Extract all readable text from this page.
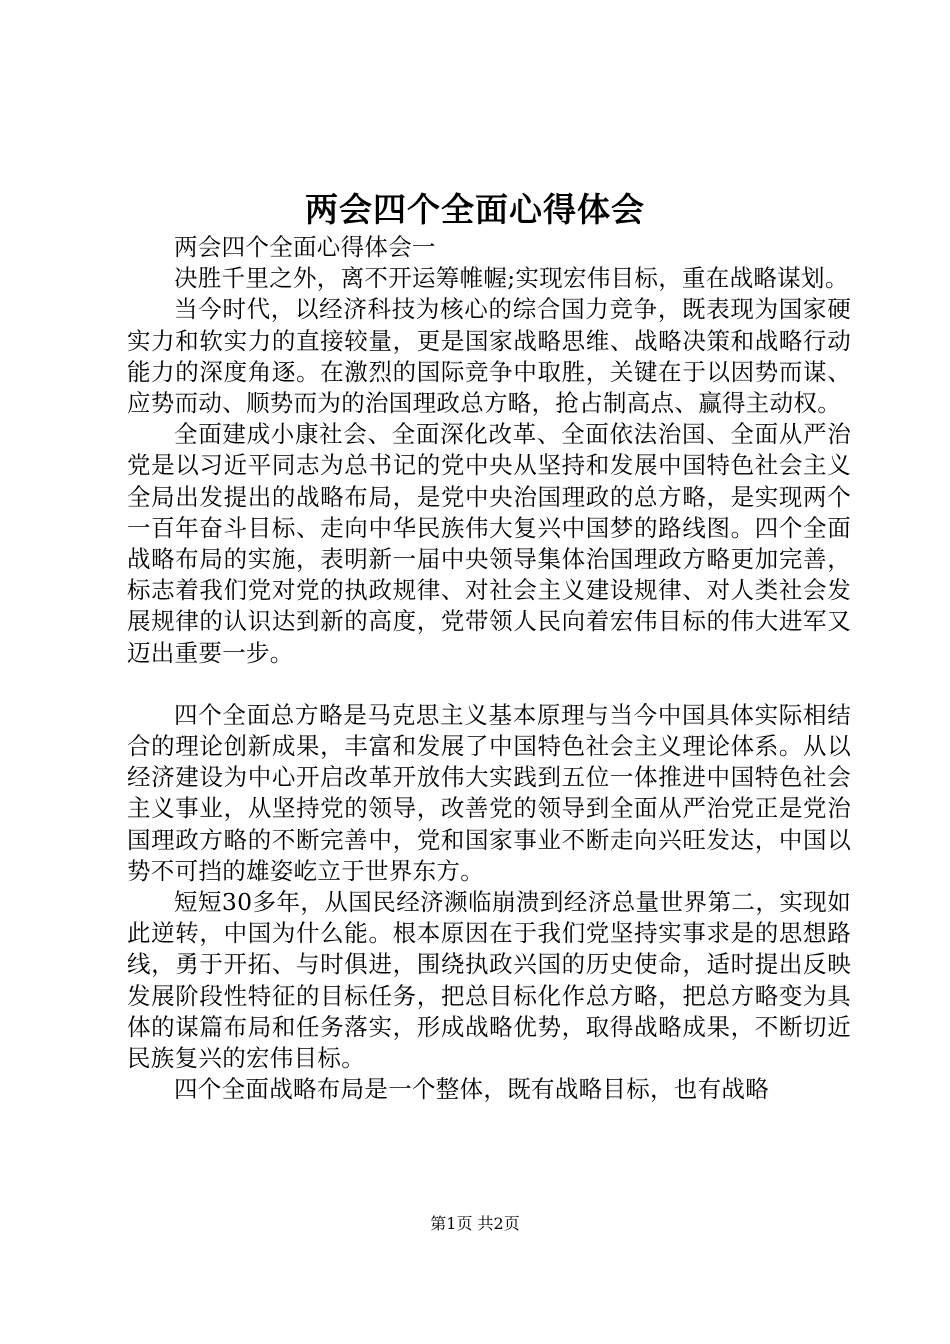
两会四个全面心得体会

两会四个全面心得体会一

决胜千里之外，离不开运筹帷幄;实现宏伟目标，重在战略谋划。

当今时代，以经济科技为核心的综合国力竞争，既表现为国家硬实力和软实力的直接较量，更是国家战略思维、战略决策和战略行动能力的深度角逐。在激烈的国际竞争中取胜，关键在于以因势而谋、应势而动、顺势而为的治国理政总方略，抢占制高点、赢得主动权。

全面建成小康社会、全面深化改革、全面依法治国、全面从严治党是以习近平同志为总书记的党中央从坚持和发展中国特色社会主义全局出发提出的战略布局，是党中央治国理政的总方略，是实现两个一百年奋斗目标、走向中华民族伟大复兴中国梦的路线图。四个全面战略布局的实施，表明新一届中央领导集体治国理政方略更加完善，标志着我们党对党的执政规律、对社会主义建设规律、对人类社会发展规律的认识达到新的高度，党带领人民向着宏伟目标的伟大进军又迈出重要一步。

四个全面总方略是马克思主义基本原理与当今中国具体实际相结合的理论创新成果，丰富和发展了中国特色社会主义理论体系。从以经济建设为中心开启改革开放伟大实践到五位一体推进中国特色社会主义事业，从坚持党的领导，改善党的领导到全面从严治党正是党治国理政方略的不断完善中，党和国家事业不断走向兴旺发达，中国以势不可挡的雄姿屹立于世界东方。

短短30多年，从国民经济濒临崩溃到经济总量世界第二，实现如此逆转，中国为什么能。根本原因在于我们党坚持实事求是的思想路线，勇于开拓、与时俱进，围绕执政兴国的历史使命，适时提出反映发展阶段性特征的目标任务，把总目标化作总方略，把总方略变为具体的谋篇布局和任务落实，形成战略优势，取得战略成果，不断切近民族复兴的宏伟目标。

四个全面战略布局是一个整体，既有战略目标，也有战略

第1页 共2页
